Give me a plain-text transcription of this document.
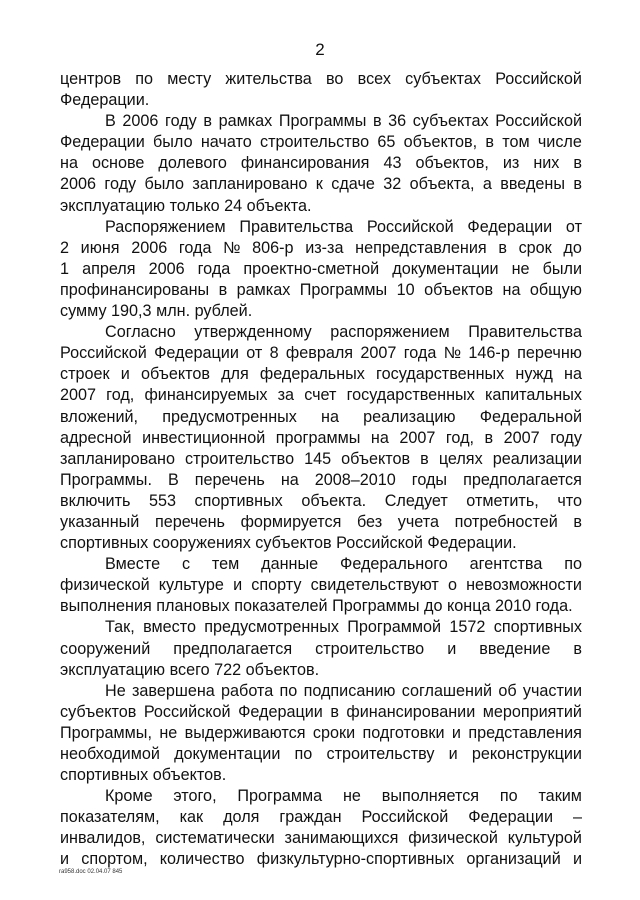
2
центров по месту жительства во всех субъектах Российской
Федерации.
В 2006 году в рамках Программы в 36 субъектах Российской
Федерации было начато строительство 65 объектов, в том числе
на основе долевого финансирования 43 объектов, из них в
2006 году было запланировано к сдаче 32 объекта, а введены в
эксплуатацию только 24 объекта.
Распоряжением Правительства Российской Федерации от
2 июня 2006 года № 806-р из-за непредставления в срок до
1 апреля 2006 года проектно-сметной документации не были
профинансированы в рамках Программы 10 объектов на общую
сумму 190,3 млн. рублей.
Согласно утвержденному распоряжением Правительства
Российской Федерации от 8 февраля 2007 года № 146-р перечню
строек и объектов для федеральных государственных нужд на
2007 год, финансируемых за счет государственных капитальных
вложений, предусмотренных на реализацию Федеральной
адресной инвестиционной программы на 2007 год, в 2007 году
запланировано строительство 145 объектов в целях реализации
Программы. В перечень на 2008–2010 годы предполагается
включить 553 спортивных объекта. Следует отметить, что
указанный перечень формируется без учета потребностей в
спортивных сооружениях субъектов Российской Федерации.
Вместе с тем данные Федерального агентства по
физической культуре и спорту свидетельствуют о невозможности
выполнения плановых показателей Программы до конца 2010 года.
Так, вместо предусмотренных Программой 1572 спортивных
сооружений предполагается строительство и введение в
эксплуатацию всего 722 объектов.
Не завершена работа по подписанию соглашений об участии
субъектов Российской Федерации в финансировании мероприятий
Программы, не выдерживаются сроки подготовки и представления
необходимой документации по строительству и реконструкции
спортивных объектов.
Кроме этого, Программа не выполняется по таким
показателям, как доля граждан Российской Федерации –
инвалидов, систематически занимающихся физической культурой
и спортом, количество физкультурно-спортивных организаций и
ra958.doc 02.04.07 845
